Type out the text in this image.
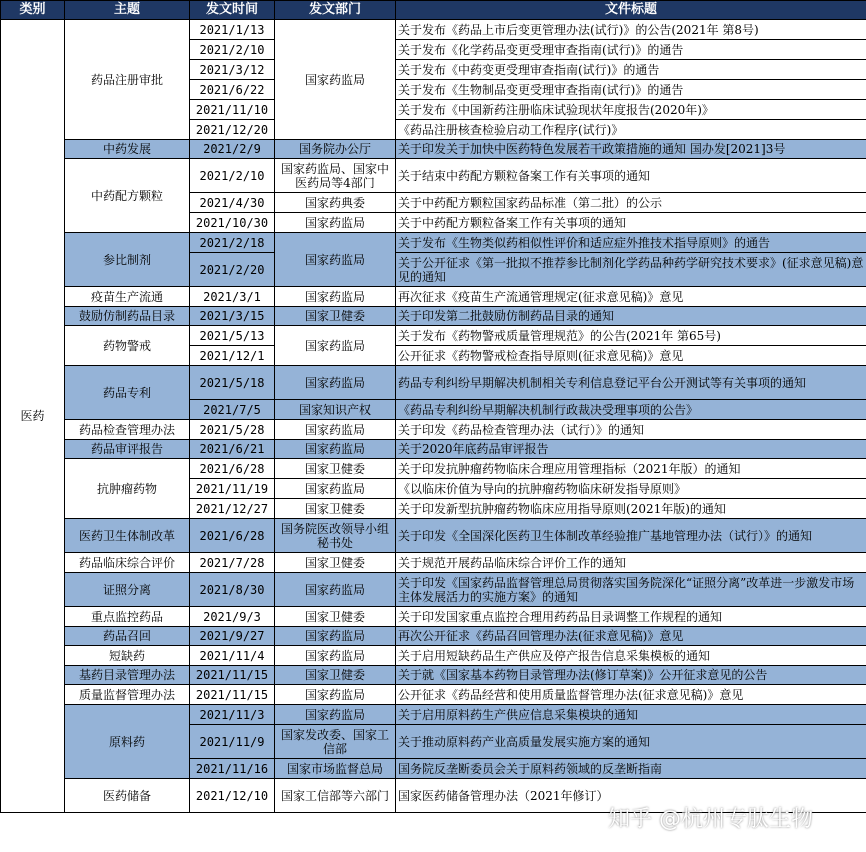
类别	主题	发文时间	发文部门	文件标题
医药	药品注册审批	2021/1/13	国家药监局	关于发布《药品上市后变更管理办法(试行)》的公告(2021年 第8号)
		2021/2/10		关于发布《化学药品变更受理审查指南(试行)》的通告
		2021/3/12		关于发布《中药变更受理审查指南(试行)》的通告
		2021/6/22		关于发布《生物制品变更受理审查指南(试行)》的通告
		2021/11/10		关于发布《中国新药注册临床试验现状年度报告(2020年)》
		2021/12/20		《药品注册核查检验启动工作程序(试行)》
	中药发展	2021/2/9	国务院办公厅	关于印发关于加快中医药特色发展若干政策措施的通知 国办发[2021]3号
	中药配方颗粒	2021/2/10	国家药监局、国家中医药局等4部门	关于结束中药配方颗粒备案工作有关事项的通知
		2021/4/30	国家药典委	关于中药配方颗粒国家药品标准（第二批）的公示
		2021/10/30	国家药监局	关于中药配方颗粒备案工作有关事项的通知
	参比制剂	2021/2/18	国家药监局	关于发布《生物类似药相似性评价和适应症外推技术指导原则》的通告
		2021/2/20		关于公开征求《第一批拟不推荐参比制剂化学药品种药学研究技术要求》(征求意见稿)意见的通知
	疫苗生产流通	2021/3/1	国家药监局	再次征求《疫苗生产流通管理规定(征求意见稿)》意见
	鼓励仿制药品目录	2021/3/15	国家卫健委	关于印发第二批鼓励仿制药品目录的通知
	药物警戒	2021/5/13	国家药监局	关于发布《药物警戒质量管理规范》的公告(2021年 第65号)
		2021/12/1		公开征求《药物警戒检查指导原则(征求意见稿)》意见
	药品专利	2021/5/18	国家药监局	药品专利纠纷早期解决机制相关专利信息登记平台公开测试等有关事项的通知
		2021/7/5	国家知识产权	《药品专利纠纷早期解决机制行政裁决受理事项的公告》
	药品检查管理办法	2021/5/28	国家药监局	关于印发《药品检查管理办法（试行）》的通知
	药品审评报告	2021/6/21	国家药监局	关于2020年底药品审评报告
	抗肿瘤药物	2021/6/28	国家卫健委	关于印发抗肿瘤药物临床合理应用管理指标（2021年版）的通知
		2021/11/19	国家药监局	《以临床价值为导向的抗肿瘤药物临床研发指导原则》
		2021/12/27	国家卫健委	关于印发新型抗肿瘤药物临床应用指导原则(2021年版)的通知
	医药卫生体制改革	2021/6/28	国务院医改领导小组秘书处	关于印发《全国深化医药卫生体制改革经验推广基地管理办法（试行）》的通知
	药品临床综合评价	2021/7/28	国家卫健委	关于规范开展药品临床综合评价工作的通知
	证照分离	2021/8/30	国家药监局	关于印发《国家药品监督管理总局贯彻落实国务院深化“证照分离”改革进一步激发市场主体发展活力的实施方案》的通知
	重点监控药品	2021/9/3	国家卫健委	关于印发国家重点监控合理用药药品目录调整工作规程的通知
	药品召回	2021/9/27	国家药监局	再次公开征求《药品召回管理办法(征求意见稿)》意见
	短缺药	2021/11/4	国家药监局	关于启用短缺药品生产供应及停产报告信息采集模板的通知
	基药目录管理办法	2021/11/15	国家卫健委	关于就《国家基本药物目录管理办法(修订草案)》公开征求意见的公告
	质量监督管理办法	2021/11/15	国家药监局	公开征求《药品经营和使用质量监督管理办法(征求意见稿)》意见
	原料药	2021/11/3	国家药监局	关于启用原料药生产供应信息采集模块的通知
		2021/11/9	国家发改委、国家工信部	关于推动原料药产业高质量发展实施方案的通知
		2021/11/16	国家市场监督总局	国务院反垄断委员会关于原料药领域的反垄断指南
	医药储备	2021/12/10	国家工信部等六部门	国家医药储备管理办法（2021年修订）
知乎 @杭州专肽生物
